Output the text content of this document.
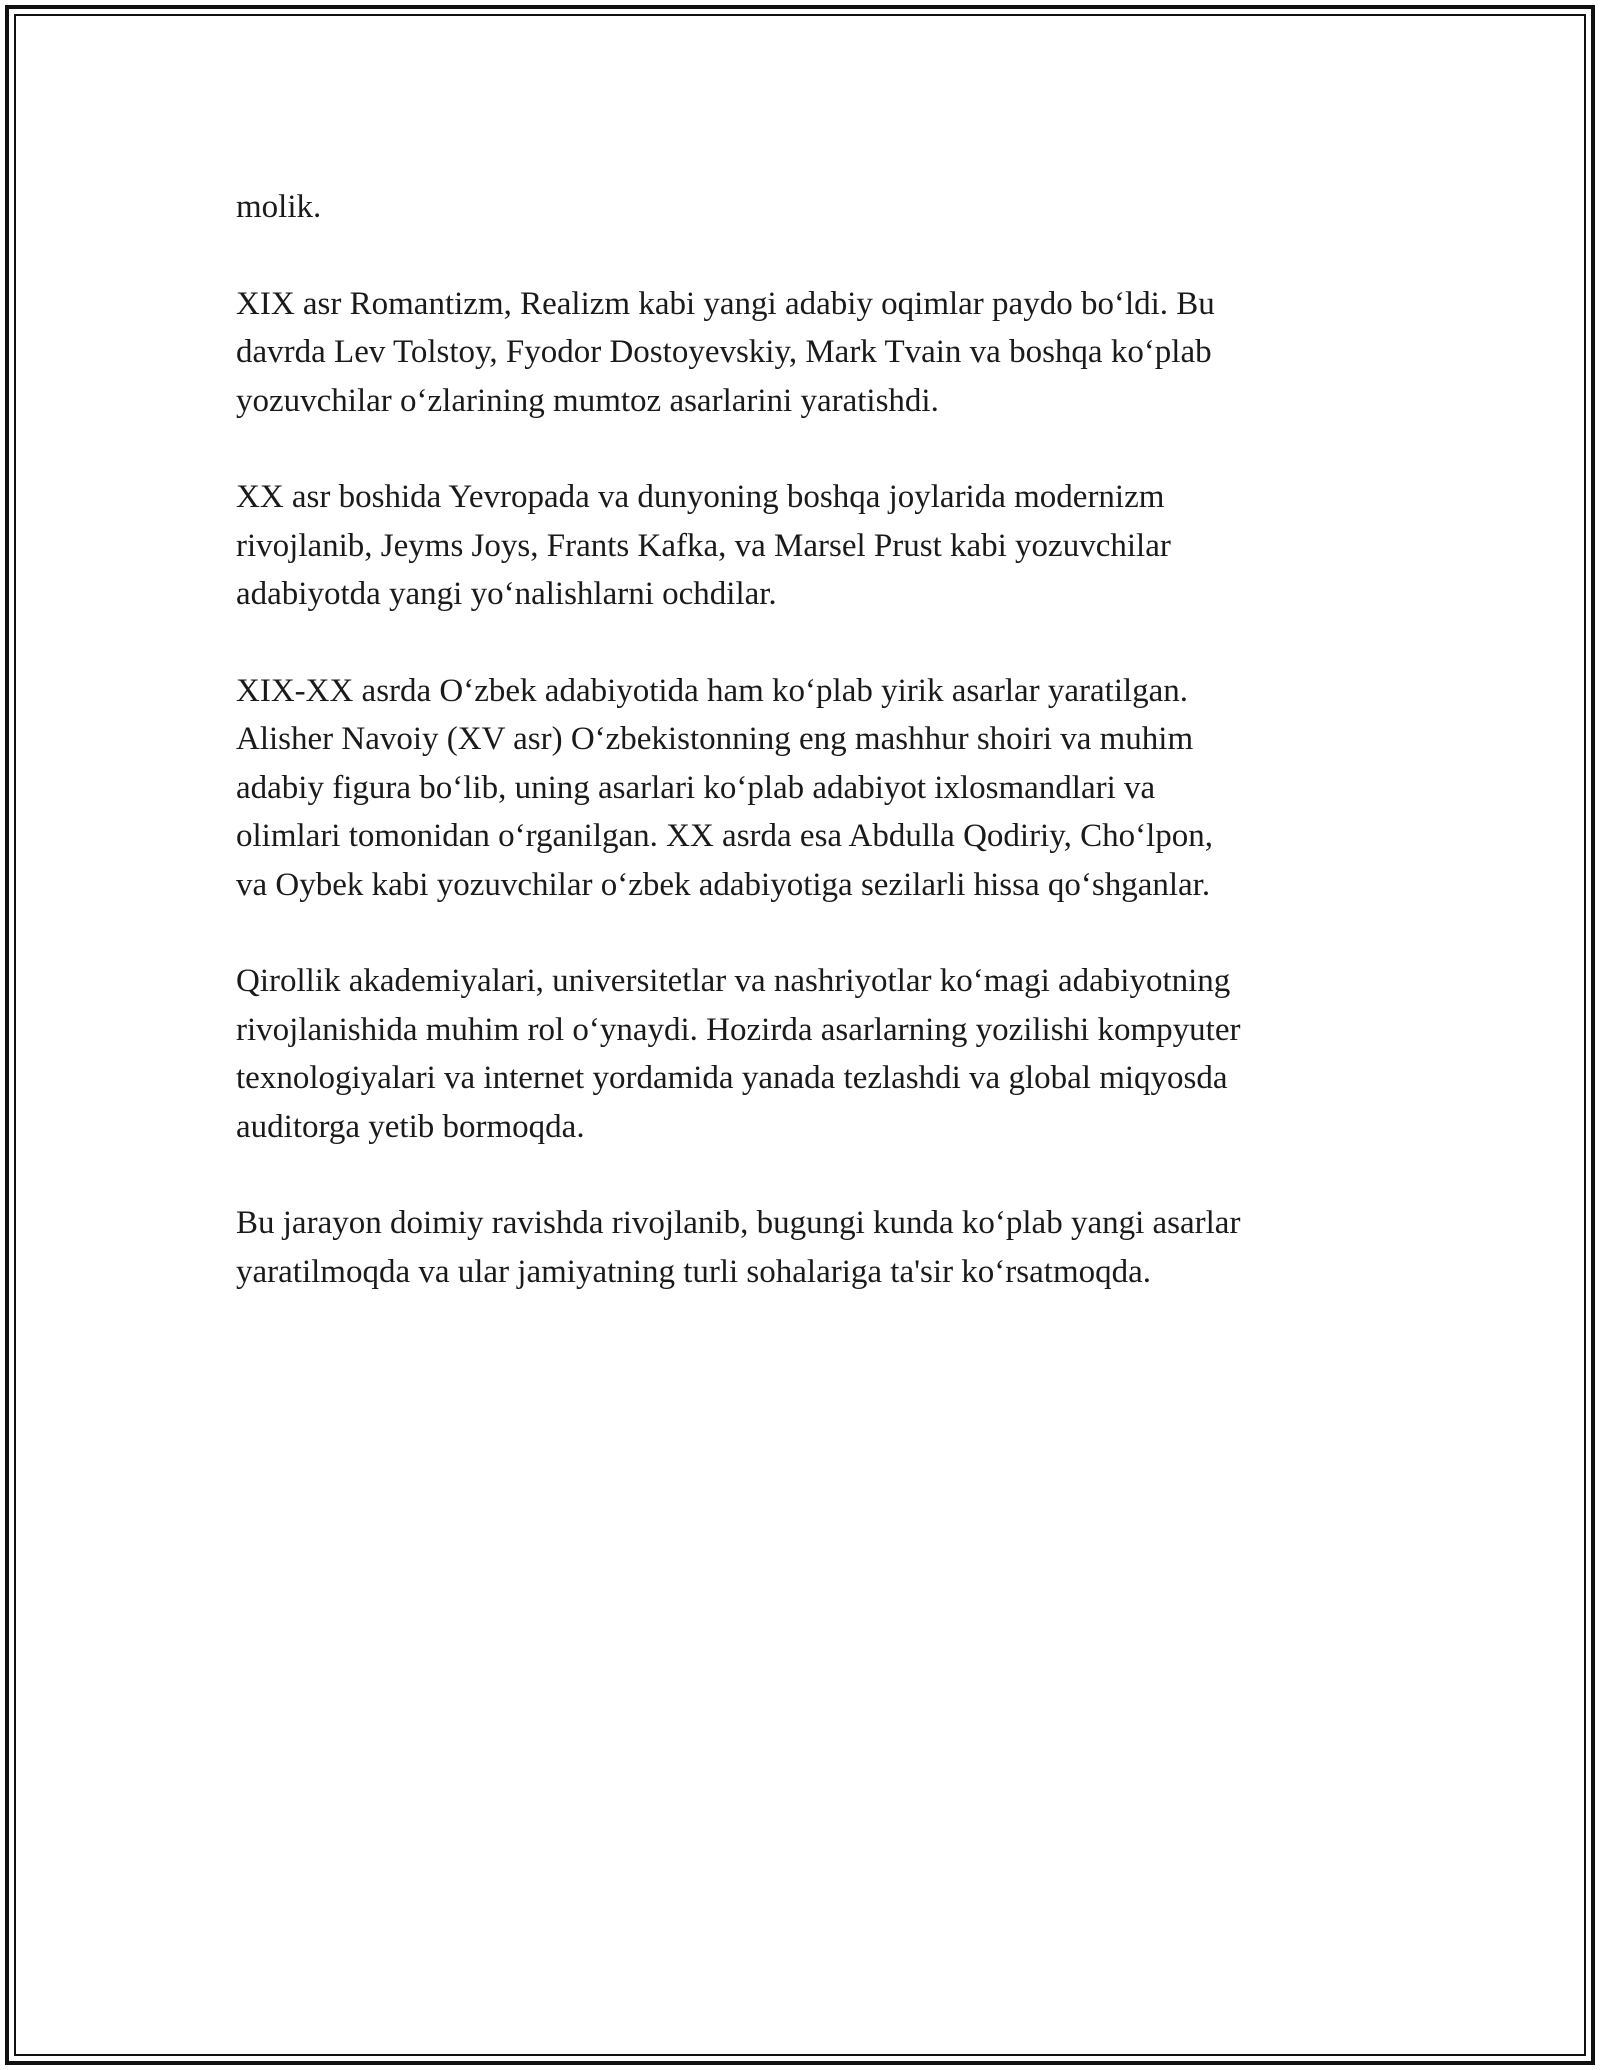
molik.

XIX asr Romantizm, Realizm kabi yangi adabiy oqimlar paydo bo‘ldi. Bu
davrda Lev Tolstoy, Fyodor Dostoyevskiy, Mark Tvain va boshqa ko‘plab
yozuvchilar o‘zlarining mumtoz asarlarini yaratishdi.

XX asr boshida Yevropada va dunyoning boshqa joylarida modernizm
rivojlanib, Jeyms Joys, Frants Kafka, va Marsel Prust kabi yozuvchilar
adabiyotda yangi yo‘nalishlarni ochdilar.

XIX-XX asrda O‘zbek adabiyotida ham ko‘plab yirik asarlar yaratilgan.
Alisher Navoiy (XV asr) O‘zbekistonning eng mashhur shoiri va muhim
adabiy figura bo‘lib, uning asarlari ko‘plab adabiyot ixlosmandlari va
olimlari tomonidan o‘rganilgan. XX asrda esa Abdulla Qodiriy, Cho‘lpon,
va Oybek kabi yozuvchilar o‘zbek adabiyotiga sezilarli hissa qo‘shganlar.

Qirollik akademiyalari, universitetlar va nashriyotlar ko‘magi adabiyotning
rivojlanishida muhim rol o‘ynaydi. Hozirda asarlarning yozilishi kompyuter
texnologiyalari va internet yordamida yanada tezlashdi va global miqyosda
auditorga yetib bormoqda.

Bu jarayon doimiy ravishda rivojlanib, bugungi kunda ko‘plab yangi asarlar
yaratilmoqda va ular jamiyatning turli sohalariga ta'sir ko‘rsatmoqda.
